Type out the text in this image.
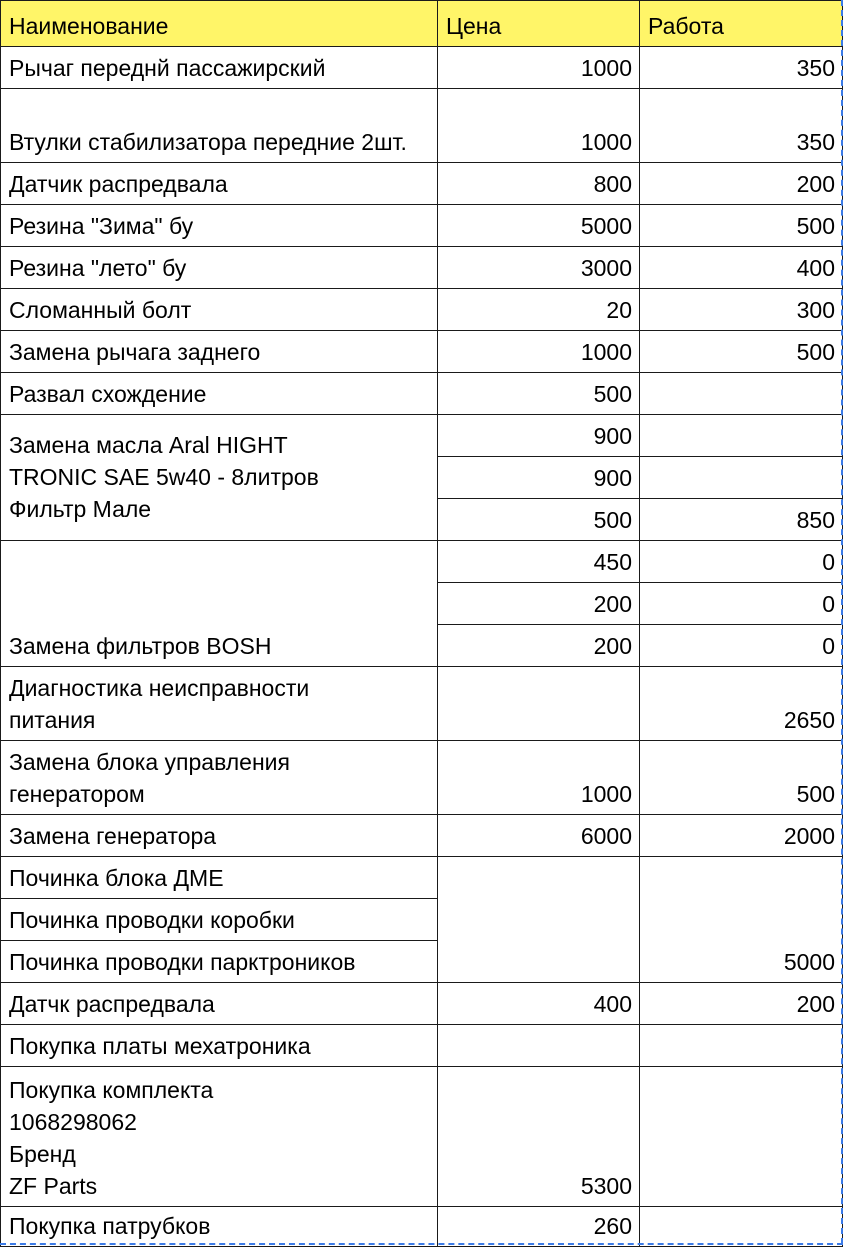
Наименование	Цена	Работа
Рычаг переднй пассажирский	1000	350
Втулки стабилизатора передние 2шт.	1000	350
Датчик распредвала	800	200
Резина "Зима" бу	5000	500
Резина "лето" бу	3000	400
Сломанный болт	20	300
Замена рычага заднего	1000	500
Развал схождение	500	

Замена масла Aral HIGHT
TRONIC SAE 5w40 - 8литров
Фильтр Мале	900	
	900	
	500	850
Замена фильтров BOSH	450	0
	200	0
	200	0

Диагностика неисправности
питания		2650

Замена блока управления
генератором	1000	500
Замена генератора	6000	2000
Починка блока ДМЕ		5000
Починка проводки коробки		
Починка проводки парктроников		
Датчк распредвала	400	200
Покупка платы мехатроника		

Покупка комплекта
1068298062
Бренд
ZF Parts	5300	
Покупка патрубков	260	
